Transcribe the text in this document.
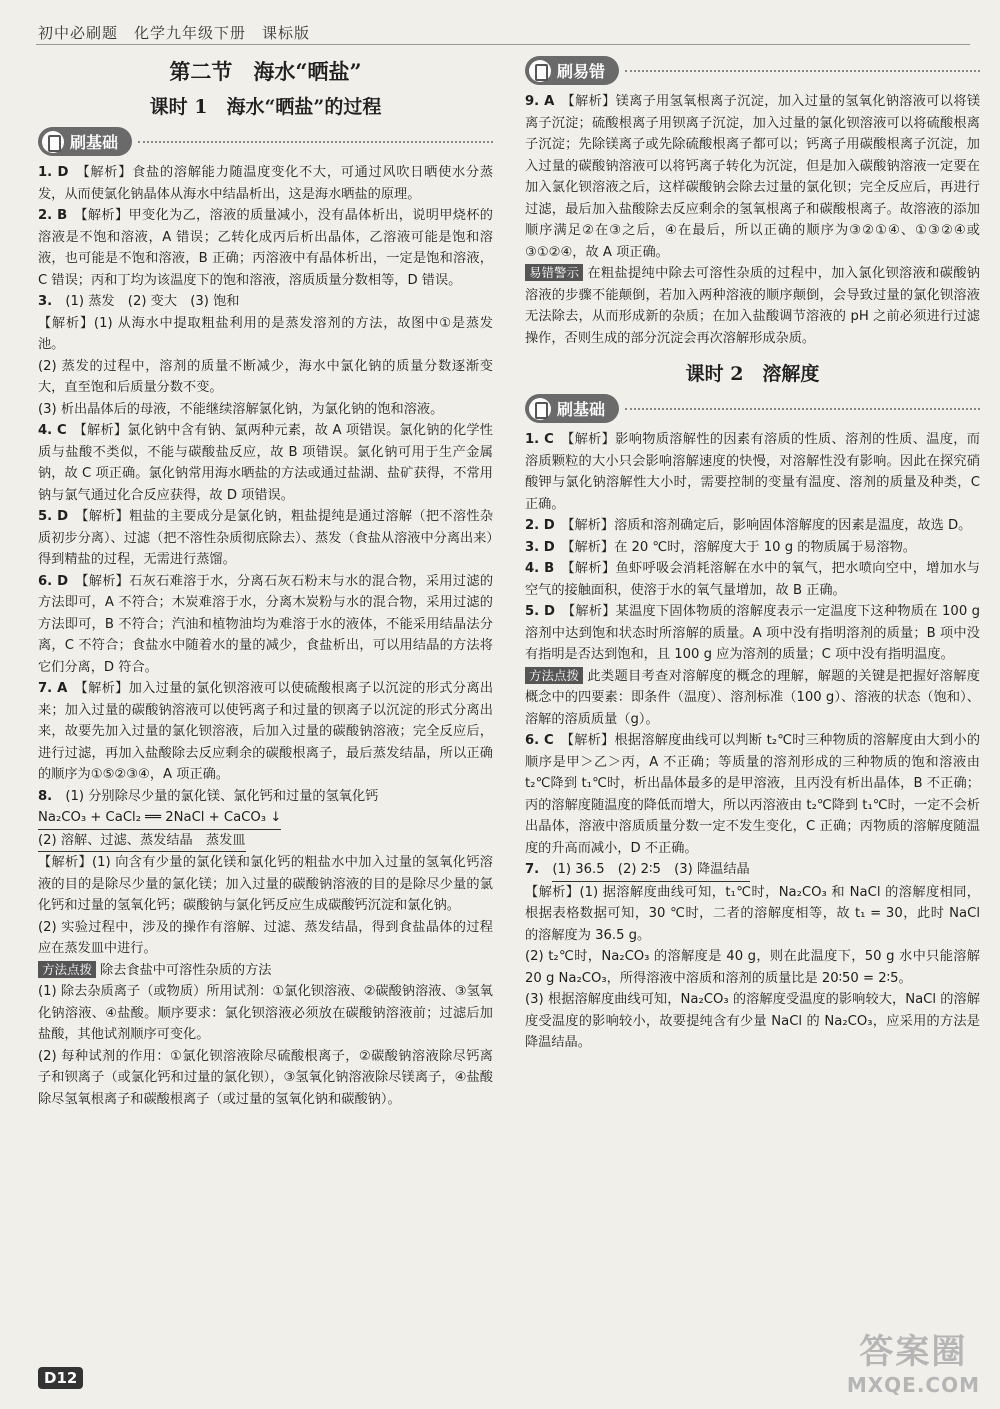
初中必刷题　化学九年级下册　课标版
第二节　海水“晒盐”
课时 1　海水“晒盐”的过程
刷基础

1. D　 【解析】食盐的溶解能力随温度变化不大，可通过风吹日晒使水分蒸发，从而使氯化钠晶体从海水中结晶析出，这是海水晒盐的原理。

2. B　 【解析】甲变化为乙，溶液的质量减小，没有晶体析出，说明甲烧杯的溶液是不饱和溶液，A 错误；乙转化成丙后析出晶体，乙溶液可能是饱和溶液，也可能是不饱和溶液，B 正确；丙溶液中有晶体析出，一定是饱和溶液，C 错误；丙和丁均为该温度下的饱和溶液，溶质质量分数相等，D 错误。

3.　 (1) 蒸发　(2) 变大　(3) 饱和

【解析】(1) 从海水中提取粗盐利用的是蒸发溶剂的方法，故图中①是蒸发池。

(2) 蒸发的过程中，溶剂的质量不断减少，海水中氯化钠的质量分数逐渐变大，直至饱和后质量分数不变。

(3) 析出晶体后的母液，不能继续溶解氯化钠，为氯化钠的饱和溶液。

4. C　 【解析】氯化钠中含有钠、氯两种元素，故 A 项错误。氯化钠的化学性质与盐酸不类似，不能与碳酸盐反应，故 B 项错误。氯化钠可用于生产金属钠，故 C 项正确。氯化钠常用海水晒盐的方法或通过盐湖、盐矿获得，不常用钠与氯气通过化合反应获得，故 D 项错误。

5. D　 【解析】粗盐的主要成分是氯化钠，粗盐提纯是通过溶解（把不溶性杂质初步分离）、过滤（把不溶性杂质彻底除去）、蒸发（食盐从溶液中分离出来）得到精盐的过程，无需进行蒸馏。

6. D　 【解析】石灰石难溶于水，分离石灰石粉末与水的混合物，采用过滤的方法即可，A 不符合；木炭难溶于水，分离木炭粉与水的混合物，采用过滤的方法即可，B 不符合；汽油和植物油均为难溶于水的液体，不能采用结晶法分离，C 不符合；食盐水中随着水的量的减少，食盐析出，可以用结晶的方法将它们分离，D 符合。

7. A　 【解析】加入过量的氯化钡溶液可以使硫酸根离子以沉淀的形式分离出来；加入过量的碳酸钠溶液可以使钙离子和过量的钡离子以沉淀的形式分离出来，故要先加入过量的氯化钡溶液，后加入过量的碳酸钠溶液；完全反应后，进行过滤，再加入盐酸除去反应剩余的碳酸根离子，最后蒸发结晶，所以正确的顺序为①⑤②③④，A 项正确。

8.　 (1) 分别除尽少量的氯化镁、氯化钙和过量的氢氧化钙

Na₂CO₃ + CaCl₂ ══ 2NaCl + CaCO₃ ↓

(2) 溶解、过滤、蒸发结晶　蒸发皿

【解析】(1) 向含有少量的氯化镁和氯化钙的粗盐水中加入过量的氢氧化钙溶液的目的是除尽少量的氯化镁；加入过量的碳酸钠溶液的目的是除尽少量的氯化钙和过量的氢氧化钙；碳酸钠与氯化钙反应生成碳酸钙沉淀和氯化钠。

(2) 实验过程中，涉及的操作有溶解、过滤、蒸发结晶，得到食盐晶体的过程应在蒸发皿中进行。

方法点拨 除去食盐中可溶性杂质的方法

(1) 除去杂质离子（或物质）所用试剂：①氯化钡溶液、②碳酸钠溶液、③氢氧化钠溶液、④盐酸。顺序要求：氯化钡溶液必须放在碳酸钠溶液前；过滤后加盐酸，其他试剂顺序可变化。

(2) 每种试剂的作用：①氯化钡溶液除尽硫酸根离子，②碳酸钠溶液除尽钙离子和钡离子（或氯化钙和过量的氯化钡），③氢氧化钠溶液除尽镁离子，④盐酸除尽氢氧根离子和碳酸根离子（或过量的氢氧化钠和碳酸钠）。

刷易错

9. A　 【解析】镁离子用氢氧根离子沉淀，加入过量的氢氧化钠溶液可以将镁离子沉淀；硫酸根离子用钡离子沉淀，加入过量的氯化钡溶液可以将硫酸根离子沉淀；先除镁离子或先除硫酸根离子都可以；钙离子用碳酸根离子沉淀，加入过量的碳酸钠溶液可以将钙离子转化为沉淀，但是加入碳酸钠溶液一定要在加入氯化钡溶液之后，这样碳酸钠会除去过量的氯化钡；完全反应后，再进行过滤，最后加入盐酸除去反应剩余的氢氧根离子和碳酸根离子。故溶液的添加顺序满足②在③之后，④在最后，所以正确的顺序为③②①④、①③②④或③①②④，故 A 项正确。

易错警示 在粗盐提纯中除去可溶性杂质的过程中，加入氯化钡溶液和碳酸钠溶液的步骤不能颠倒，若加入两种溶液的顺序颠倒，会导致过量的氯化钡溶液无法除去，从而形成新的杂质；在加入盐酸调节溶液的 pH 之前必须进行过滤操作，否则生成的部分沉淀会再次溶解形成杂质。

课时 2　溶解度
刷基础

1. C　 【解析】影响物质溶解性的因素有溶质的性质、溶剂的性质、温度，而溶质颗粒的大小只会影响溶解速度的快慢，对溶解性没有影响。因此在探究硝酸钾与氯化钠溶解性大小时，需要控制的变量有温度、溶剂的质量及种类，C 正确。

2. D　 【解析】溶质和溶剂确定后，影响固体溶解度的因素是温度，故选 D。

3. D　 【解析】在 20 ℃时，溶解度大于 10 g 的物质属于易溶物。

4. B　 【解析】鱼虾呼吸会消耗溶解在水中的氧气，把水喷向空中，增加水与空气的接触面积，使溶于水的氧气量增加，故 B 正确。

5. D　 【解析】某温度下固体物质的溶解度表示一定温度下这种物质在 100 g 溶剂中达到饱和状态时所溶解的质量。A 项中没有指明溶剂的质量；B 项中没有指明是否达到饱和，且 100 g 应为溶剂的质量；C 项中没有指明温度。

方法点拨 此类题目考查对溶解度的概念的理解，解题的关键是把握好溶解度概念中的四要素：即条件（温度）、溶剂标准（100 g）、溶液的状态（饱和）、溶解的溶质质量（g）。

6. C　 【解析】根据溶解度曲线可以判断 t₂℃时三种物质的溶解度由大到小的顺序是甲＞乙＞丙，A 不正确；等质量的溶剂形成的三种物质的饱和溶液由 t₂℃降到 t₁℃时，析出晶体最多的是甲溶液，且丙没有析出晶体，B 不正确；丙的溶解度随温度的降低而增大，所以丙溶液由 t₂℃降到 t₁℃时，一定不会析出晶体，溶液中溶质质量分数一定不发生变化，C 正确；丙物质的溶解度随温度的升高而减小，D 不正确。

7.　 (1) 36.5　(2) 2∶5　(3) 降温结晶

【解析】(1) 据溶解度曲线可知，t₁℃时，Na₂CO₃ 和 NaCl 的溶解度相同，根据表格数据可知，30 ℃时，二者的溶解度相等，故 t₁ = 30，此时 NaCl 的溶解度为 36.5 g。

(2) t₂℃时，Na₂CO₃ 的溶解度是 40 g，则在此温度下，50 g 水中只能溶解 20 g Na₂CO₃，所得溶液中溶质和溶剂的质量比是 20∶50 = 2∶5。

(3) 根据溶解度曲线可知，Na₂CO₃ 的溶解度受温度的影响较大，NaCl 的溶解度受温度的影响较小，故要提纯含有少量 NaCl 的 Na₂CO₃，应采用的方法是降温结晶。

D12
答案圈
MXQE.COM
